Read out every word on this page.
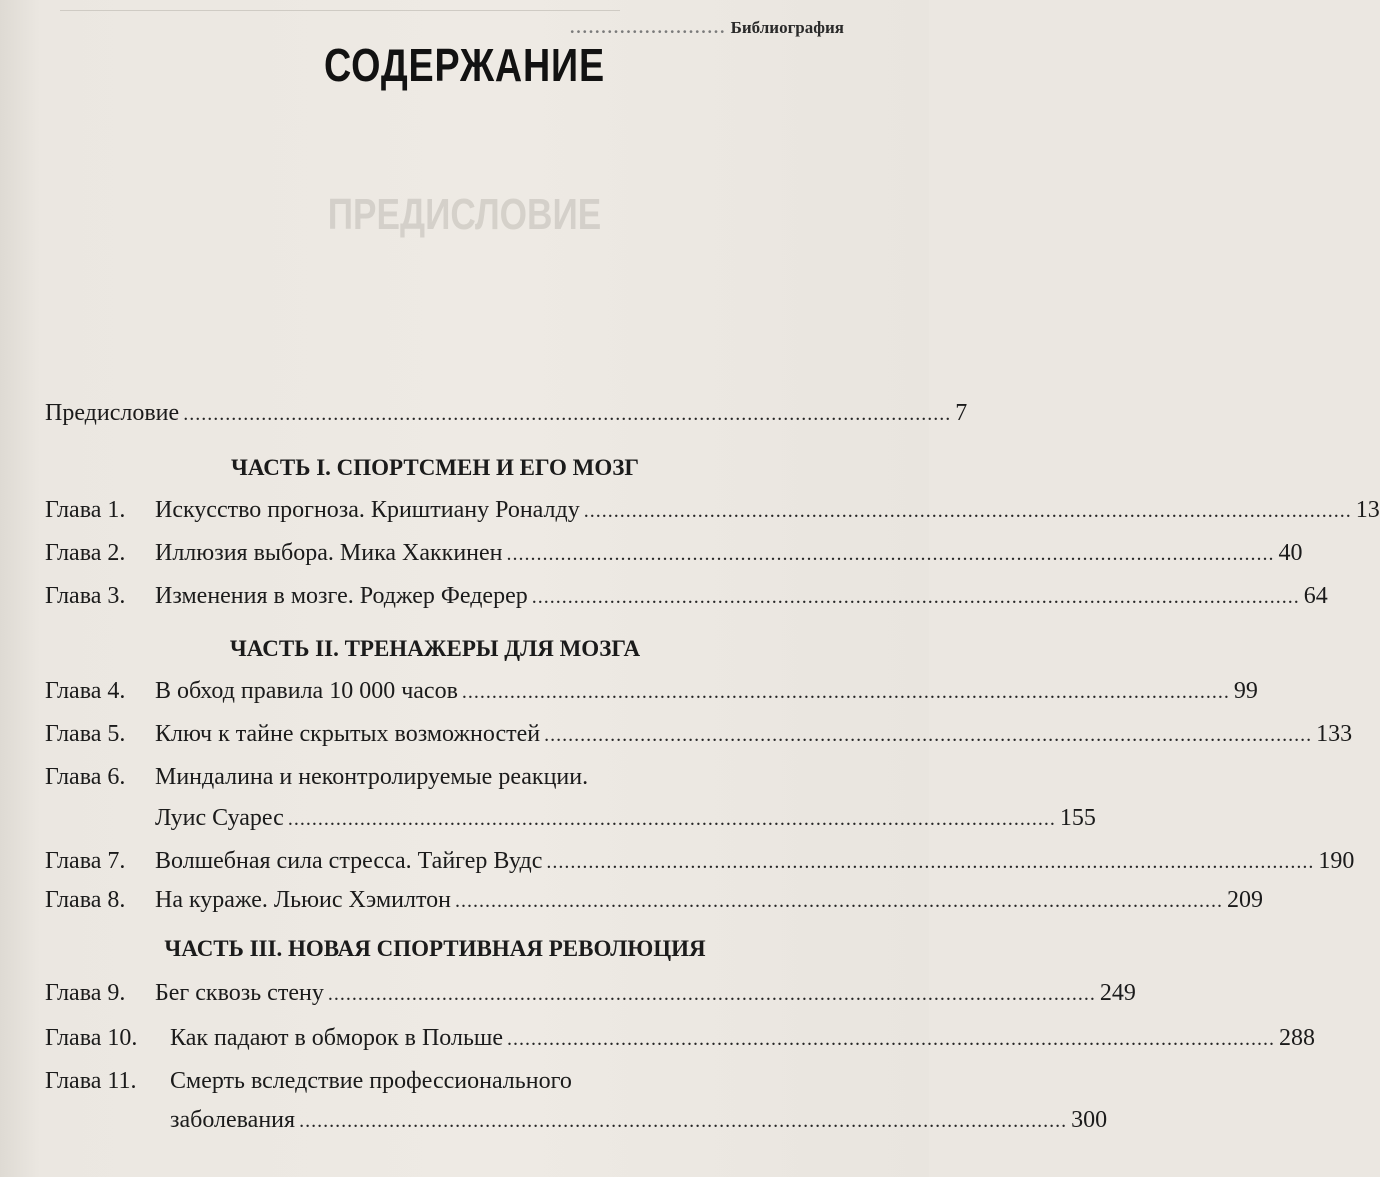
......................... Библиография
ПРЕДИСЛОВИЕ
СОДЕРЖАНИЕ
Предисловие ................................................................................................................................ 7
ЧАСТЬ I. СПОРТСМЕН И ЕГО МОЗГ
Глава 1. Искусство прогноза. Криштиану Роналду ................................................................................................................................ 13
Глава 2. Иллюзия выбора. Мика Хаккинен ................................................................................................................................ 40
Глава 3. Изменения в мозге. Роджер Федерер ................................................................................................................................ 64
ЧАСТЬ II. ТРЕНАЖЕРЫ ДЛЯ МОЗГА
Глава 4. В обход правила 10 000 часов ................................................................................................................................ 99
Глава 5. Ключ к тайне скрытых возможностей ................................................................................................................................ 133
Глава 6. Миндалина и неконтролируемые реакции.
Луис Суарес ................................................................................................................................ 155
Глава 7. Волшебная сила стресса. Тайгер Вудс ................................................................................................................................ 190
Глава 8. На кураже. Льюис Хэмилтон ................................................................................................................................ 209
ЧАСТЬ III. НОВАЯ СПОРТИВНАЯ РЕВОЛЮЦИЯ
Глава 9. Бег сквозь стену ................................................................................................................................ 249
Глава 10. Как падают в обморок в Польше ................................................................................................................................ 288
Глава 11. Смерть вследствие профессионального
заболевания ................................................................................................................................ 300
